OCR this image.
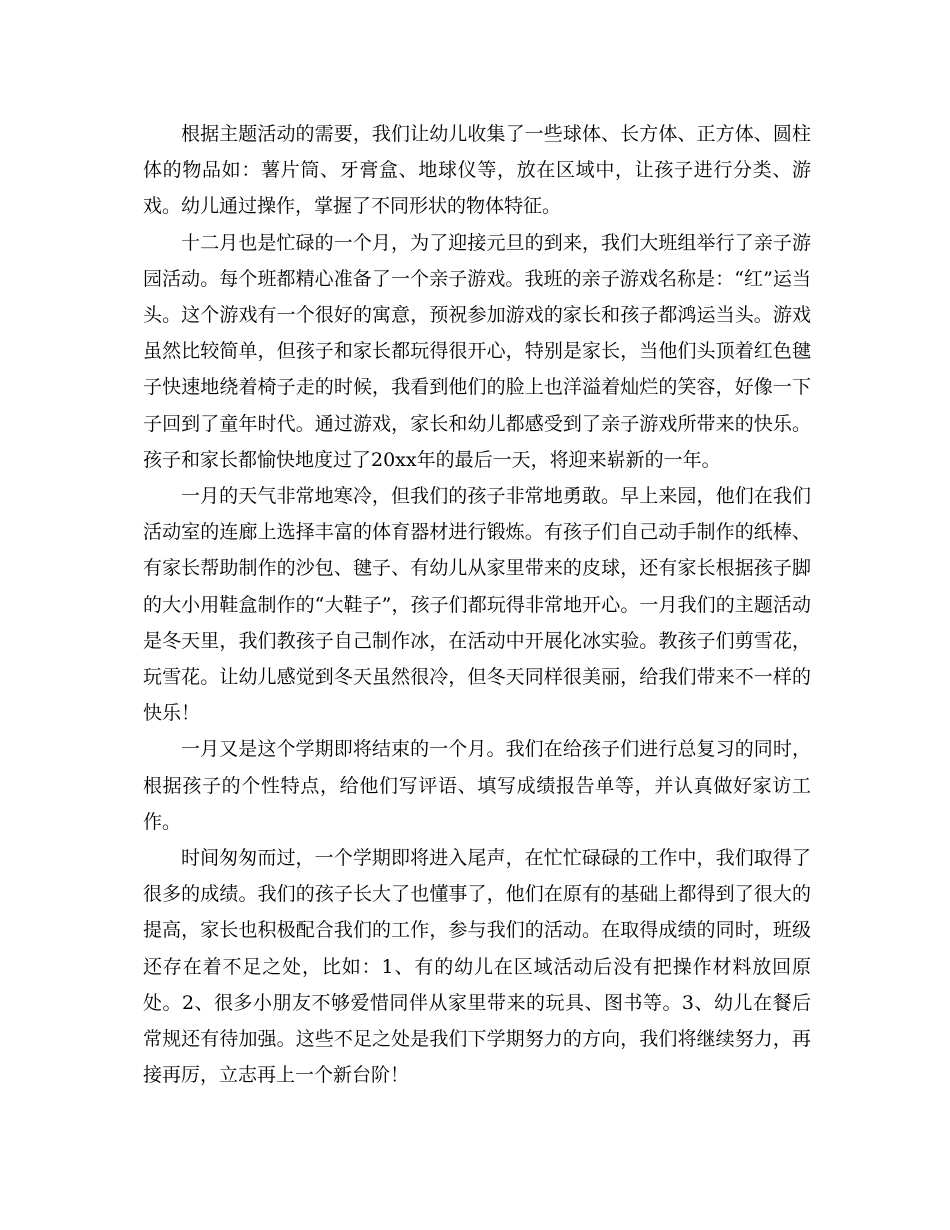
根据主题活动的需要，我们让幼儿收集了一些球体、长方体、正方体、圆柱体的物品如：薯片筒、牙膏盒、地球仪等，放在区域中，让孩子进行分类、游戏。幼儿通过操作，掌握了不同形状的物体特征。

十二月也是忙碌的一个月，为了迎接元旦的到来，我们大班组举行了亲子游园活动。每个班都精心准备了一个亲子游戏。我班的亲子游戏名称是：“红”运当头。这个游戏有一个很好的寓意，预祝参加游戏的家长和孩子都鸿运当头。游戏虽然比较简单，但孩子和家长都玩得很开心，特别是家长，当他们头顶着红色毽子快速地绕着椅子走的时候，我看到他们的脸上也洋溢着灿烂的笑容，好像一下子回到了童年时代。通过游戏，家长和幼儿都感受到了亲子游戏所带来的快乐。孩子和家长都愉快地度过了20xx年的最后一天，将迎来崭新的一年。

一月的天气非常地寒冷，但我们的孩子非常地勇敢。早上来园，他们在我们活动室的连廊上选择丰富的体育器材进行锻炼。有孩子们自己动手制作的纸棒、有家长帮助制作的沙包、毽子、有幼儿从家里带来的皮球，还有家长根据孩子脚的大小用鞋盒制作的“大鞋子”，孩子们都玩得非常地开心。一月我们的主题活动是冬天里，我们教孩子自己制作冰，在活动中开展化冰实验。教孩子们剪雪花，玩雪花。让幼儿感觉到冬天虽然很冷，但冬天同样很美丽，给我们带来不一样的快乐！

一月又是这个学期即将结束的一个月。我们在给孩子们进行总复习的同时，根据孩子的个性特点，给他们写评语、填写成绩报告单等，并认真做好家访工作。

时间匆匆而过，一个学期即将进入尾声，在忙忙碌碌的工作中，我们取得了很多的成绩。我们的孩子长大了也懂事了，他们在原有的基础上都得到了很大的提高，家长也积极配合我们的工作，参与我们的活动。在取得成绩的同时，班级还存在着不足之处，比如：1、有的幼儿在区域活动后没有把操作材料放回原处。2、很多小朋友不够爱惜同伴从家里带来的玩具、图书等。3、幼儿在餐后常规还有待加强。这些不足之处是我们下学期努力的方向，我们将继续努力，再接再厉，立志再上一个新台阶！
